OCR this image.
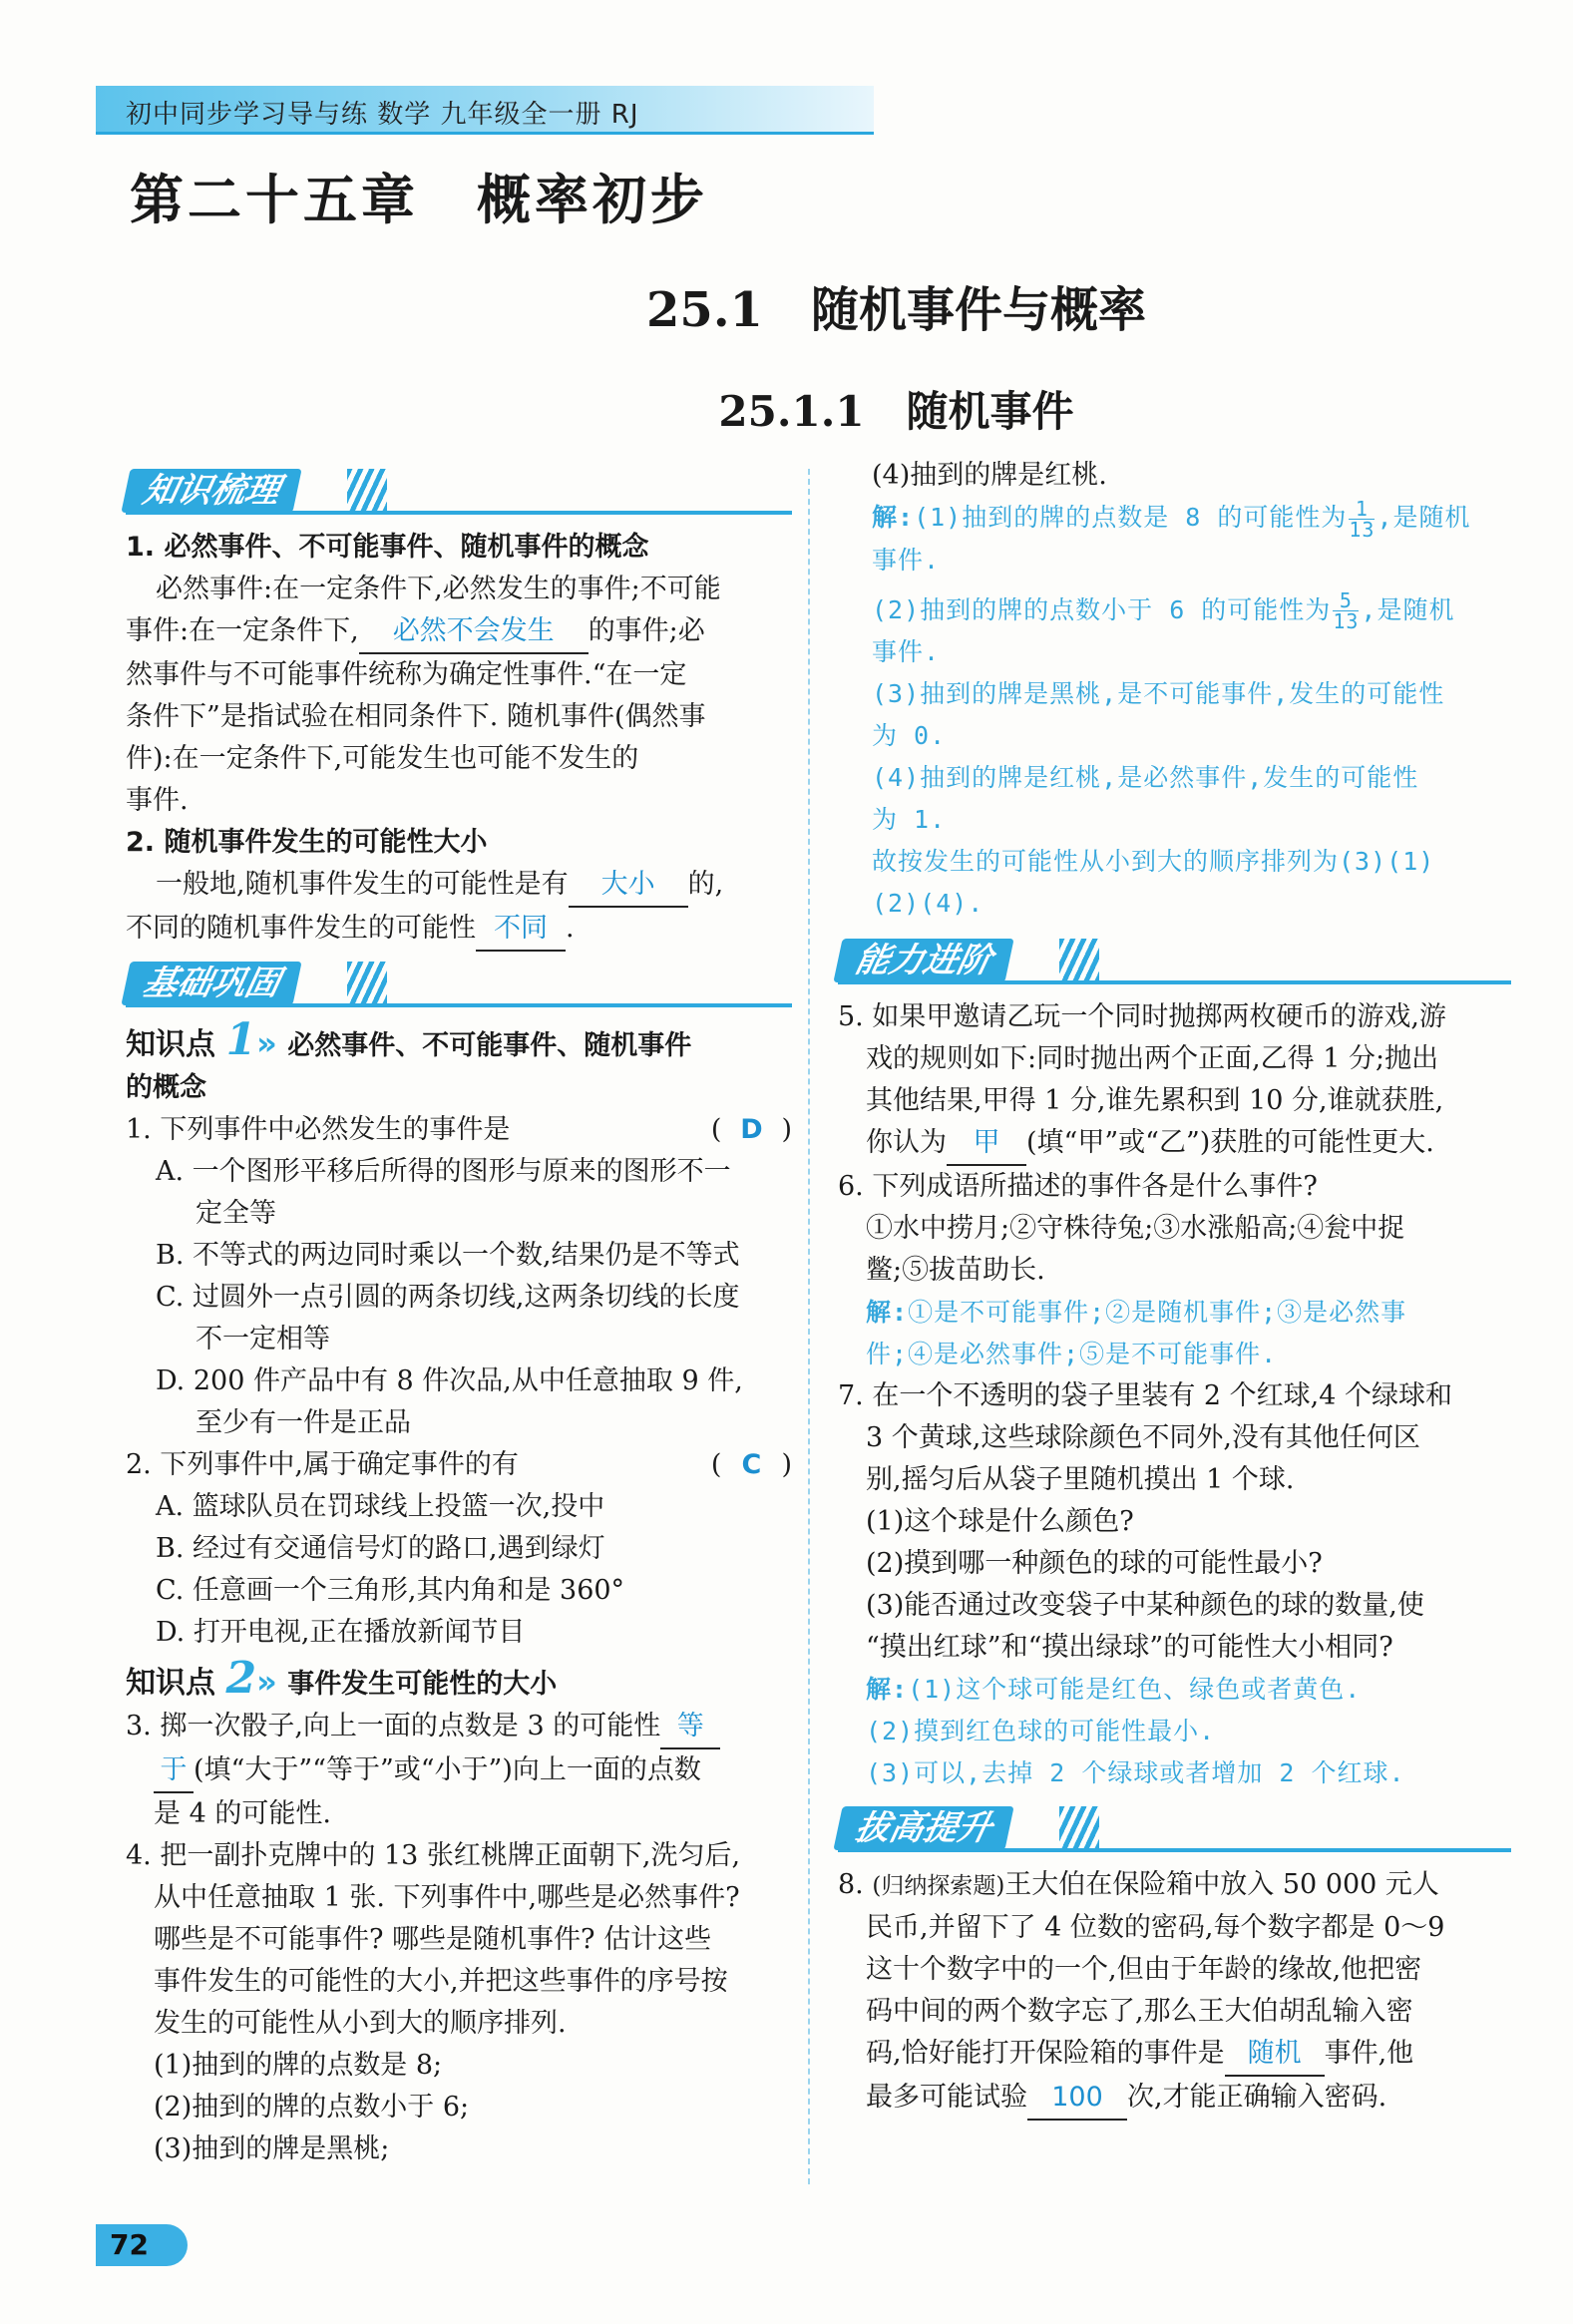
初中同步学习导与练 数学 九年级全一册 RJ
第二十五章　概率初步
25.1　随机事件与概率
25.1.1　随机事件
知识梳理

1. 必然事件、不可能事件、随机事件的概念

必然事件:在一定条件下,必然发生的事件;不可能

事件:在一定条件下, 必然不会发生 的事件;必

然事件与不可能事件统称为确定性事件.“在一定

条件下”是指试验在相同条件下. 随机事件(偶然事

件):在一定条件下,可能发生也可能不发生的

事件.

2. 随机事件发生的可能性大小

一般地,随机事件发生的可能性是有 大小 的,

不同的随机事件发生的可能性 不同 .

基础巩固

知识点 1» 必然事件、不可能事件、随机事件

的概念

1. 下列事件中必然发生的事件是	( D )

A. 一个图形平移后所得的图形与原来的图形不一

定全等

B. 不等式的两边同时乘以一个数,结果仍是不等式

C. 过圆外一点引圆的两条切线,这两条切线的长度

不一定相等

D. 200 件产品中有 8 件次品,从中任意抽取 9 件,

至少有一件是正品

2. 下列事件中,属于确定事件的有	( C )

A. 篮球队员在罚球线上投篮一次,投中

B. 经过有交通信号灯的路口,遇到绿灯

C. 任意画一个三角形,其内角和是 360°

D. 打开电视,正在播放新闻节目

知识点 2» 事件发生可能性的大小

3. 掷一次骰子,向上一面的点数是 3 的可能性 等

于 (填“大于”“等于”或“小于”)向上一面的点数

是 4 的可能性.

4. 把一副扑克牌中的 13 张红桃牌正面朝下,洗匀后,

从中任意抽取 1 张. 下列事件中,哪些是必然事件?

哪些是不可能事件? 哪些是随机事件? 估计这些

事件发生的可能性的大小,并把这些事件的序号按

发生的可能性从小到大的顺序排列.

(1)抽到的牌的点数是 8;

(2)抽到的牌的点数小于 6;

(3)抽到的牌是黑桃;

(4)抽到的牌是红桃.

解:(1)抽到的牌的点数是 8 的可能性为 $\frac{1}{13}$ ,是随机

事件.

(2)抽到的牌的点数小于 6 的可能性为 $\frac{5}{13}$ ,是随机

事件.

(3)抽到的牌是黑桃,是不可能事件,发生的可能性

为 0.

(4)抽到的牌是红桃,是必然事件,发生的可能性

为 1.

故按发生的可能性从小到大的顺序排列为(3)(1)

(2)(4).

能力进阶

5. 如果甲邀请乙玩一个同时抛掷两枚硬币的游戏,游

戏的规则如下:同时抛出两个正面,乙得 1 分;抛出

其他结果,甲得 1 分,谁先累积到 10 分,谁就获胜,

你认为 甲 (填“甲”或“乙”)获胜的可能性更大.

6. 下列成语所描述的事件各是什么事件?

①水中捞月;②守株待兔;③水涨船高;④瓮中捉

鳖;⑤拔苗助长.

解:①是不可能事件;②是随机事件;③是必然事

件;④是必然事件;⑤是不可能事件.

7. 在一个不透明的袋子里装有 2 个红球,4 个绿球和

3 个黄球,这些球除颜色不同外,没有其他任何区

别,摇匀后从袋子里随机摸出 1 个球.

(1)这个球是什么颜色?

(2)摸到哪一种颜色的球的可能性最小?

(3)能否通过改变袋子中某种颜色的球的数量,使

“摸出红球”和“摸出绿球”的可能性大小相同?

解:(1)这个球可能是红色、绿色或者黄色.

(2)摸到红色球的可能性最小.

(3)可以,去掉 2 个绿球或者增加 2 个红球.

拔高提升

8. (归纳探索题)王大伯在保险箱中放入 50 000 元人

民币,并留下了 4 位数的密码,每个数字都是 0～9

这十个数字中的一个,但由于年龄的缘故,他把密

码中间的两个数字忘了,那么王大伯胡乱输入密

码,恰好能打开保险箱的事件是 随机 事件,他

最多可能试验 100 次,才能正确输入密码.

72
